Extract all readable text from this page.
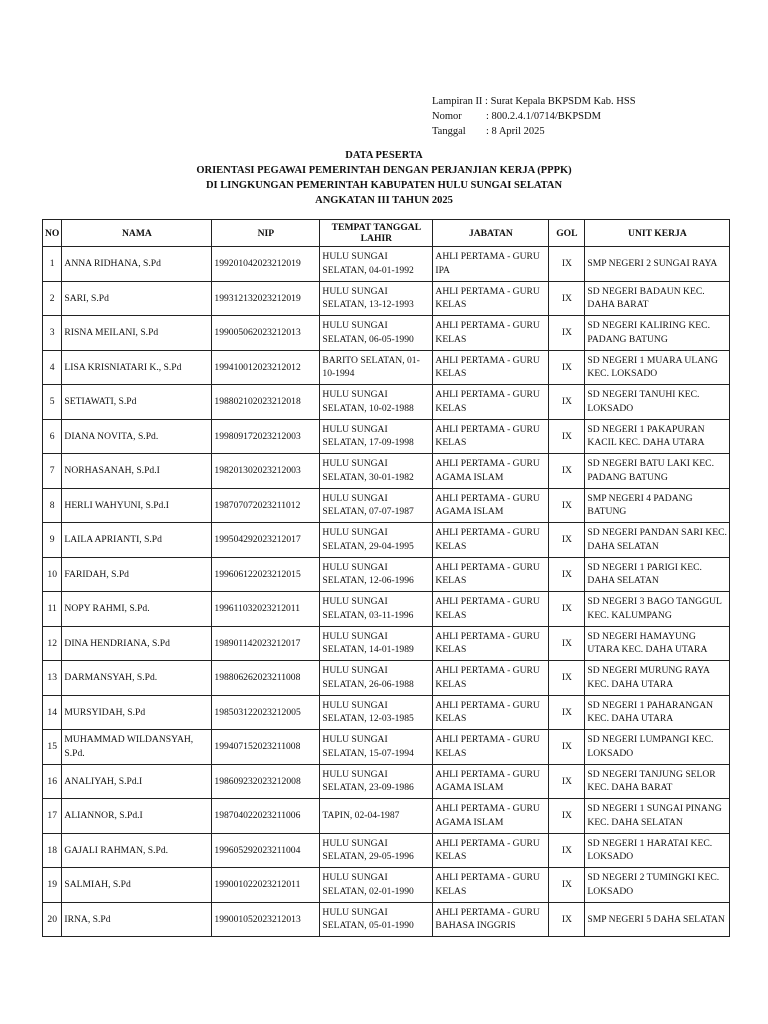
Lampiran II : Surat Kepala BKPSDM Kab. HSS
Nomor	: 800.2.4.1/0714/BKPSDM
Tanggal	: 8 April 2025
DATA PESERTA
ORIENTASI PEGAWAI PEMERINTAH DENGAN PERJANJIAN KERJA (PPPK)
DI LINGKUNGAN PEMERINTAH KABUPATEN HULU SUNGAI SELATAN
ANGKATAN III TAHUN 2025
NO	NAMA	NIP	TEMPAT TANGGAL LAHIR	JABATAN	GOL	UNIT KERJA
1	ANNA RIDHANA, S.Pd	199201042023212019	HULU SUNGAI SELATAN, 04-01-1992	AHLI PERTAMA - GURU IPA	IX	SMP NEGERI 2 SUNGAI RAYA
2	SARI, S.Pd	199312132023212019	HULU SUNGAI SELATAN, 13-12-1993	AHLI PERTAMA - GURU KELAS	IX	SD NEGERI BADAUN KEC. DAHA BARAT
3	RISNA MEILANI, S.Pd	199005062023212013	HULU SUNGAI SELATAN, 06-05-1990	AHLI PERTAMA - GURU KELAS	IX	SD NEGERI KALIRING KEC. PADANG BATUNG
4	LISA KRISNIATARI K., S.Pd	199410012023212012	BARITO SELATAN, 01-10-1994	AHLI PERTAMA - GURU KELAS	IX	SD NEGERI 1 MUARA ULANG KEC. LOKSADO
5	SETIAWATI, S.Pd	198802102023212018	HULU SUNGAI SELATAN, 10-02-1988	AHLI PERTAMA - GURU KELAS	IX	SD NEGERI TANUHI KEC. LOKSADO
6	DIANA NOVITA, S.Pd.	199809172023212003	HULU SUNGAI SELATAN, 17-09-1998	AHLI PERTAMA - GURU KELAS	IX	SD NEGERI 1 PAKAPURAN KACIL KEC. DAHA UTARA
7	NORHASANAH, S.Pd.I	198201302023212003	HULU SUNGAI SELATAN, 30-01-1982	AHLI PERTAMA - GURU AGAMA ISLAM	IX	SD NEGERI BATU LAKI KEC. PADANG BATUNG
8	HERLI WAHYUNI, S.Pd.I	198707072023211012	HULU SUNGAI SELATAN, 07-07-1987	AHLI PERTAMA - GURU AGAMA ISLAM	IX	SMP NEGERI 4 PADANG BATUNG
9	LAILA APRIANTI, S.Pd	199504292023212017	HULU SUNGAI SELATAN, 29-04-1995	AHLI PERTAMA - GURU KELAS	IX	SD NEGERI PANDAN SARI KEC. DAHA SELATAN
10	FARIDAH, S.Pd	199606122023212015	HULU SUNGAI SELATAN, 12-06-1996	AHLI PERTAMA - GURU KELAS	IX	SD NEGERI 1 PARIGI KEC. DAHA SELATAN
11	NOPY RAHMI, S.Pd.	199611032023212011	HULU SUNGAI SELATAN, 03-11-1996	AHLI PERTAMA - GURU KELAS	IX	SD NEGERI 3 BAGO TANGGUL KEC. KALUMPANG
12	DINA HENDRIANA, S.Pd	198901142023212017	HULU SUNGAI SELATAN, 14-01-1989	AHLI PERTAMA - GURU KELAS	IX	SD NEGERI HAMAYUNG UTARA KEC. DAHA UTARA
13	DARMANSYAH, S.Pd.	198806262023211008	HULU SUNGAI SELATAN, 26-06-1988	AHLI PERTAMA - GURU KELAS	IX	SD NEGERI MURUNG RAYA KEC. DAHA UTARA
14	MURSYIDAH, S.Pd	198503122023212005	HULU SUNGAI SELATAN, 12-03-1985	AHLI PERTAMA - GURU KELAS	IX	SD NEGERI 1 PAHARANGAN KEC. DAHA UTARA
15	MUHAMMAD WILDANSYAH, S.Pd.	199407152023211008	HULU SUNGAI SELATAN, 15-07-1994	AHLI PERTAMA - GURU KELAS	IX	SD NEGERI LUMPANGI KEC. LOKSADO
16	ANALIYAH, S.Pd.I	198609232023212008	HULU SUNGAI SELATAN, 23-09-1986	AHLI PERTAMA - GURU AGAMA ISLAM	IX	SD NEGERI TANJUNG SELOR KEC. DAHA BARAT
17	ALIANNOR, S.Pd.I	198704022023211006	TAPIN, 02-04-1987	AHLI PERTAMA - GURU AGAMA ISLAM	IX	SD NEGERI 1 SUNGAI PINANG KEC. DAHA SELATAN
18	GAJALI RAHMAN, S.Pd.	199605292023211004	HULU SUNGAI SELATAN, 29-05-1996	AHLI PERTAMA - GURU KELAS	IX	SD NEGERI 1 HARATAI KEC. LOKSADO
19	SALMIAH, S.Pd	199001022023212011	HULU SUNGAI SELATAN, 02-01-1990	AHLI PERTAMA - GURU KELAS	IX	SD NEGERI 2 TUMINGKI KEC. LOKSADO
20	IRNA, S.Pd	199001052023212013	HULU SUNGAI SELATAN, 05-01-1990	AHLI PERTAMA - GURU BAHASA INGGRIS	IX	SMP NEGERI 5 DAHA SELATAN
